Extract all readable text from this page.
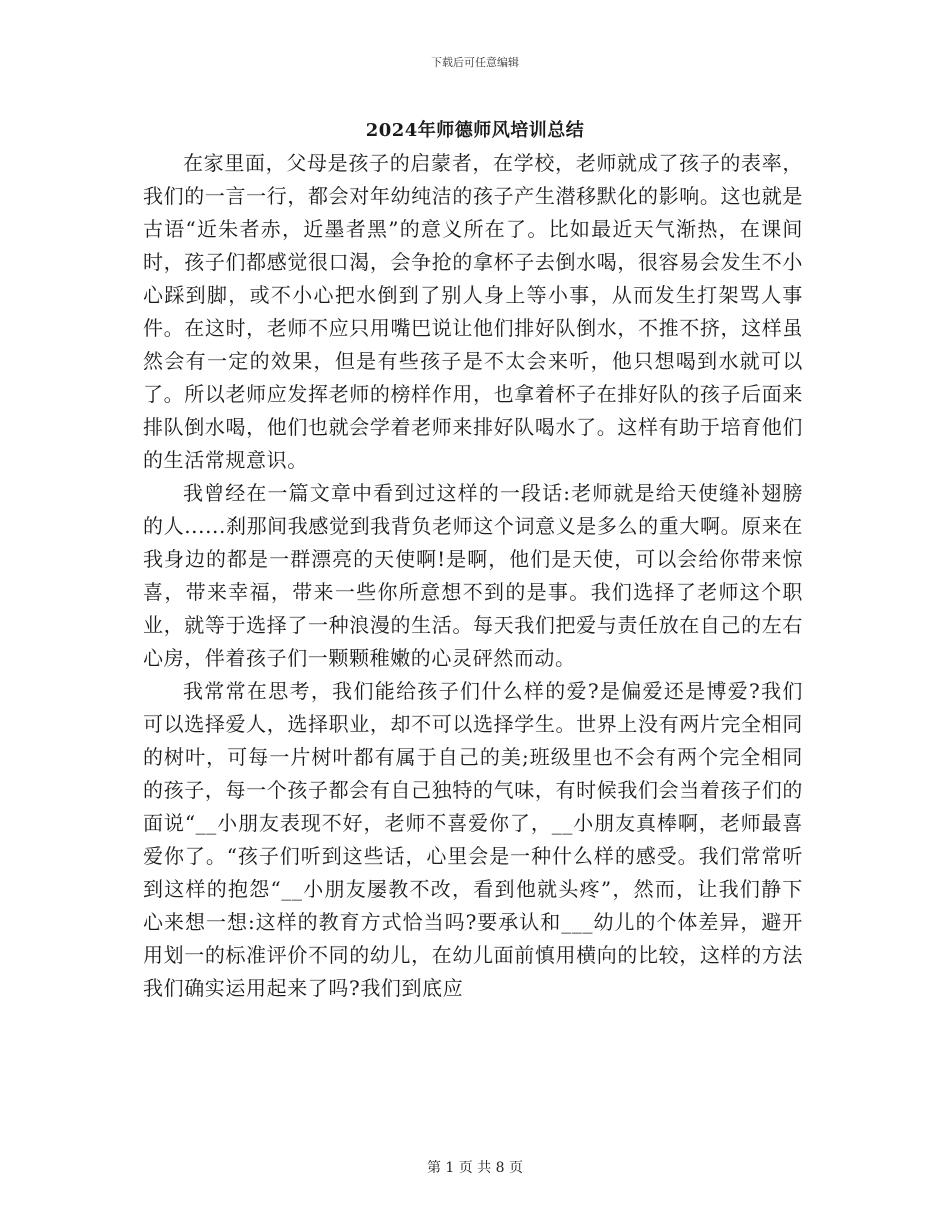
下载后可任意编辑
2024年师德师风培训总结

在家里面，父母是孩子的启蒙者，在学校，老师就成了孩子的表率，我们的一言一行，都会对年幼纯洁的孩子产生潜移默化的影响。这也就是古语“近朱者赤，近墨者黑”的意义所在了。比如最近天气渐热，在课间时，孩子们都感觉很口渴，会争抢的拿杯子去倒水喝，很容易会发生不小心踩到脚，或不小心把水倒到了别人身上等小事，从而发生打架骂人事件。在这时，老师不应只用嘴巴说让他们排好队倒水，不推不挤，这样虽然会有一定的效果，但是有些孩子是不太会来听，他只想喝到水就可以了。所以老师应发挥老师的榜样作用，也拿着杯子在排好队的孩子后面来排队倒水喝，他们也就会学着老师来排好队喝水了。这样有助于培育他们的生活常规意识。

我曾经在一篇文章中看到过这样的一段话:老师就是给天使缝补翅膀的人......刹那间我感觉到我背负老师这个词意义是多么的重大啊。原来在我身边的都是一群漂亮的天使啊!是啊，他们是天使，可以会给你带来惊喜，带来幸福，带来一些你所意想不到的是事。我们选择了老师这个职业，就等于选择了一种浪漫的生活。每天我们把爱与责任放在自己的左右心房，伴着孩子们一颗颗稚嫩的心灵砰然而动。

我常常在思考，我们能给孩子们什么样的爱?是偏爱还是博爱?我们可以选择爱人，选择职业，却不可以选择学生。世界上没有两片完全相同的树叶，可每一片树叶都有属于自己的美;班级里也不会有两个完全相同的孩子，每一个孩子都会有自己独特的气味，有时候我们会当着孩子们的面说“__小朋友表现不好，老师不喜爱你了，__小朋友真棒啊，老师最喜爱你了。“孩子们听到这些话，心里会是一种什么样的感受。我们常常听到这样的抱怨“__小朋友屡教不改，看到他就头疼”，然而，让我们静下心来想一想:这样的教育方式恰当吗?要承认和___幼儿的个体差异，避开用划一的标准评价不同的幼儿，在幼儿面前慎用横向的比较，这样的方法我们确实运用起来了吗?我们到底应

第 1 页 共 8 页
